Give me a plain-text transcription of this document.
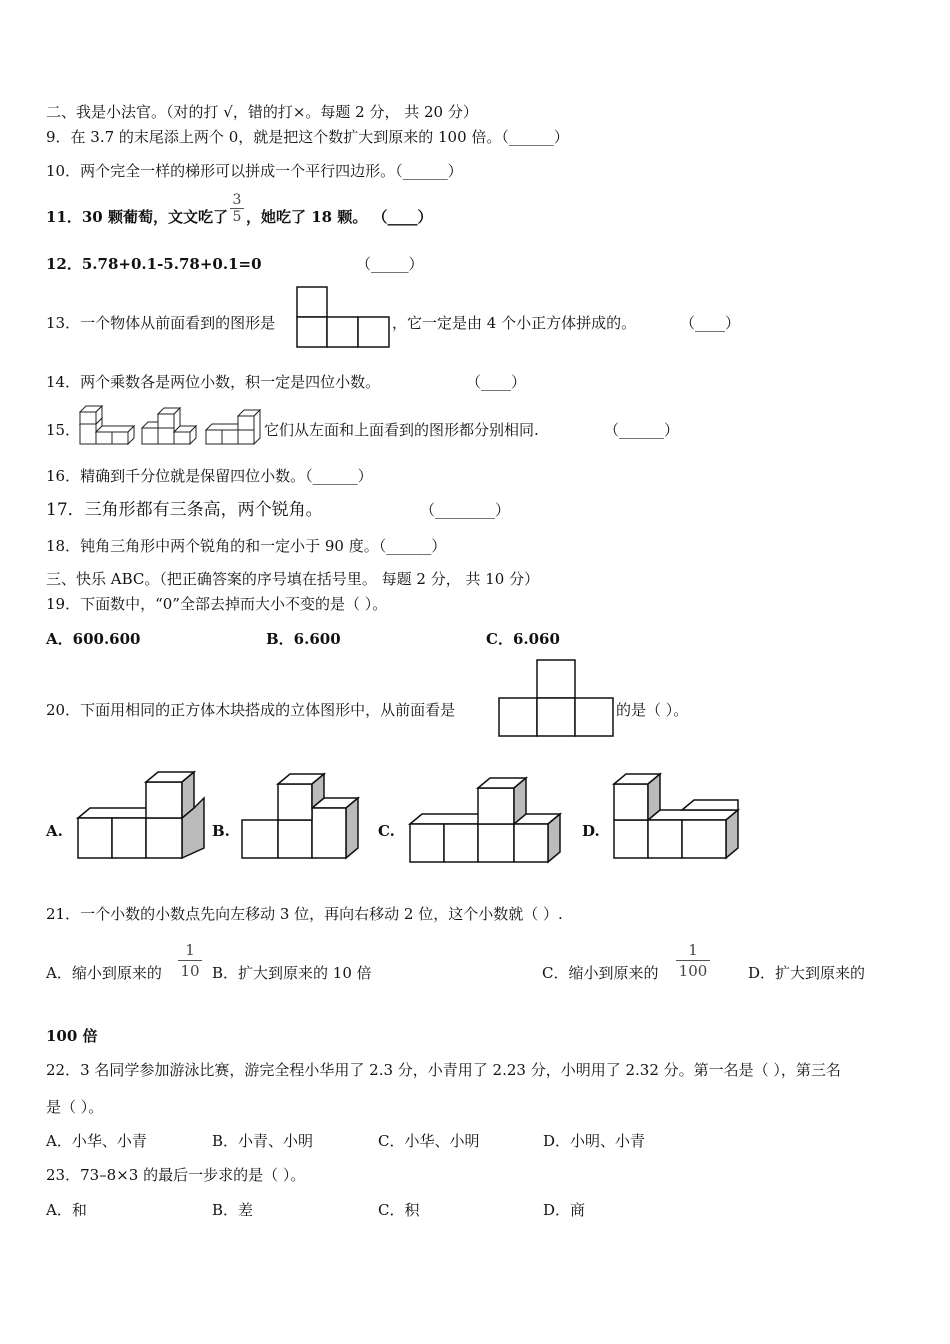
二、我是小法官。（对的打 √，错的打×。每题 2 分， 共 20 分）
9．在 3.7 的末尾添上两个 0，就是把这个数扩大到原来的 100 倍。（______）
10．两个完全一样的梯形可以拼成一个平行四边形。（______）
11．30 颗葡萄，文文吃了 $\frac{3}{5}$ ，她吃了 18 颗。 （____）
12．5.78+0.1-5.78+0.1=0	（_____）
13．一个物体从前面看到的图形是	，它一定是由 4 个小正方体拼成的。	（____）
14．两个乘数各是两位小数，积一定是四位小数。	（____）
15．	它们从左面和上面看到的图形都分别相同.	（______）
16．精确到千分位就是保留四位小数。（______）
17．三角形都有三条高，两个锐角。	（________）
18．钝角三角形中两个锐角的和一定小于 90 度。（______）
三、快乐 ABC。（把正确答案的序号填在括号里。 每题 2 分， 共 10 分）
19．下面数中，“0”全部去掉而大小不变的是（ ）。
A．600.600	B．6.600	C．6.060
20．下面用相同的正方体木块搭成的立体图形中，从前面看是	的是（ ）。
A.	B.	C.	D.
21．一个小数的小数点先向左移动 3 位，再向右移动 2 位，这个小数就（ ）.
A．缩小到原来的 $\frac{1}{10}$ B．扩大到原来的 10 倍	C．缩小到原来的 $\frac{1}{100}$	D．扩大到原来的
100 倍
22．3 名同学参加游泳比赛，游完全程小华用了 2.3 分，小青用了 2.23 分，小明用了 2.32 分。第一名是（ ），第三名
是（ ）。
A．小华、小青	B．小青、小明	C．小华、小明	D．小明、小青
23．73–8×3 的最后一步求的是（ ）。
A．和	B．差	C．积	D．商
